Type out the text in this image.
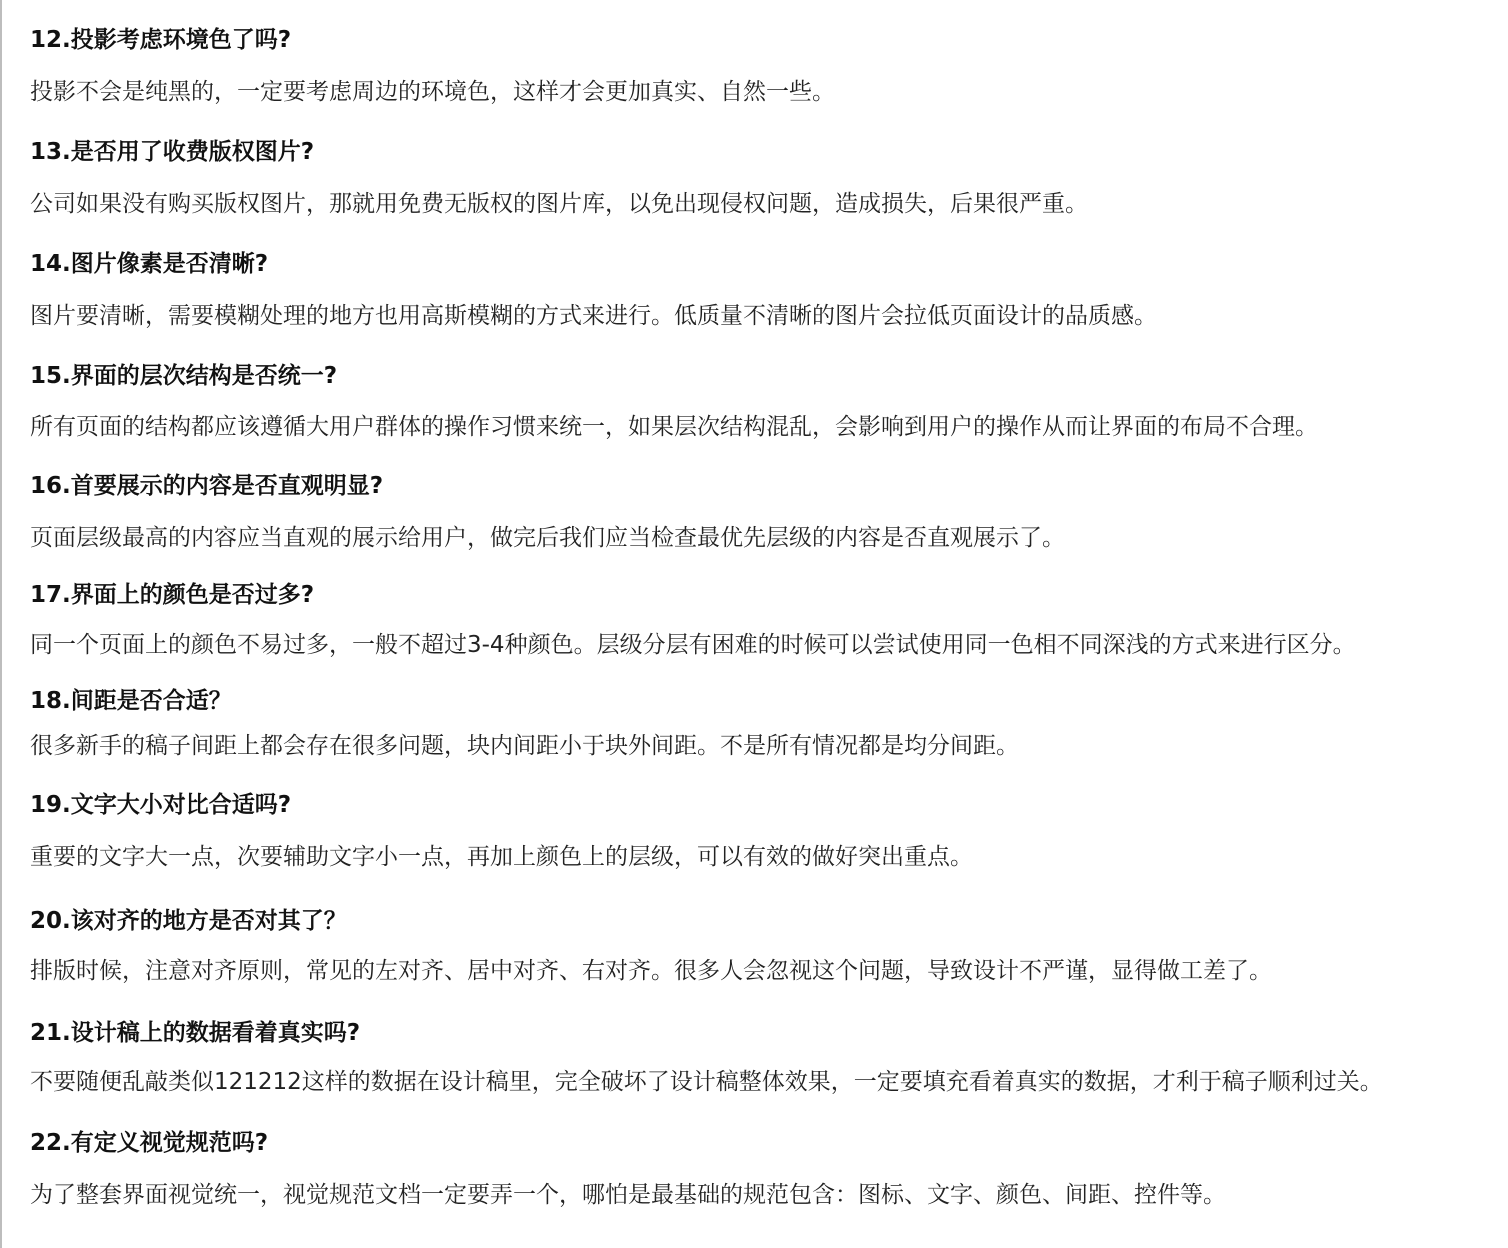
12.投影考虑环境色了吗?

投影不会是纯黑的，一定要考虑周边的环境色，这样才会更加真实、自然一些。

13.是否用了收费版权图片?

公司如果没有购买版权图片，那就用免费无版权的图片库，以免出现侵权问题，造成损失，后果很严重。

14.图片像素是否清晰?

图片要清晰，需要模糊处理的地方也用高斯模糊的方式来进行。低质量不清晰的图片会拉低页面设计的品质感。

15.界面的层次结构是否统一?

所有页面的结构都应该遵循大用户群体的操作习惯来统一，如果层次结构混乱，会影响到用户的操作从而让界面的布局不合理。

16.首要展示的内容是否直观明显?

页面层级最高的内容应当直观的展示给用户，做完后我们应当检查最优先层级的内容是否直观展示了。

17.界面上的颜色是否过多?

同一个页面上的颜色不易过多，一般不超过3-4种颜色。层级分层有困难的时候可以尝试使用同一色相不同深浅的方式来进行区分。

18.间距是否合适？

很多新手的稿子间距上都会存在很多问题，块内间距小于块外间距。不是所有情况都是均分间距。

19.文字大小对比合适吗?

重要的文字大一点，次要辅助文字小一点，再加上颜色上的层级，可以有效的做好突出重点。

20.该对齐的地方是否对其了？

排版时候，注意对齐原则，常见的左对齐、居中对齐、右对齐。很多人会忽视这个问题，导致设计不严谨，显得做工差了。

21.设计稿上的数据看着真实吗?

不要随便乱敲类似121212这样的数据在设计稿里，完全破坏了设计稿整体效果，一定要填充看着真实的数据，才利于稿子顺利过关。

22.有定义视觉规范吗?

为了整套界面视觉统一，视觉规范文档一定要弄一个，哪怕是最基础的规范包含：图标、文字、颜色、间距、控件等。
